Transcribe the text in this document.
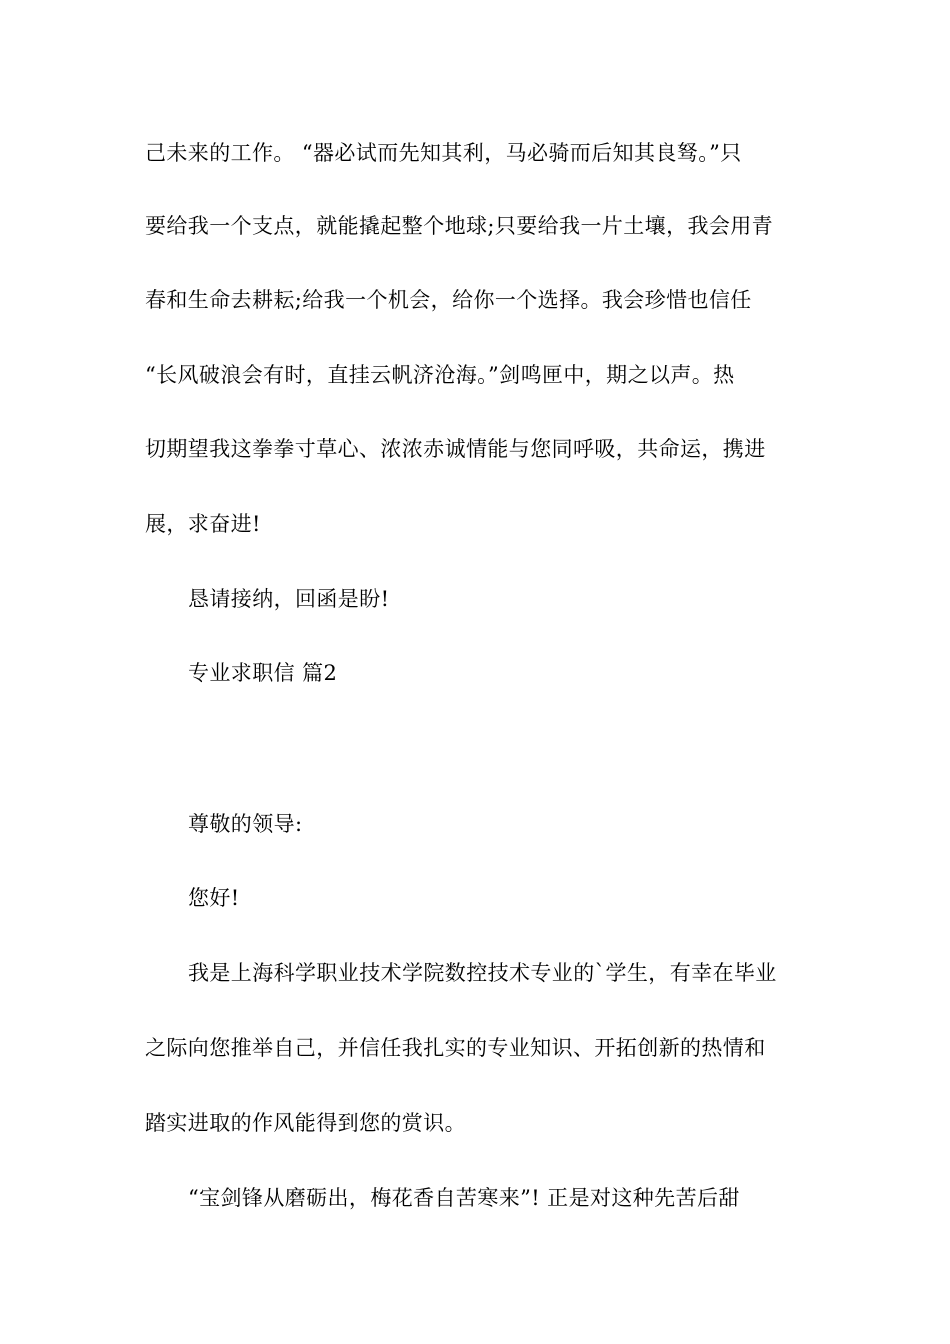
己未来的工作。 “器必试而先知其利，马必骑而后知其良驽。”只
要给我一个支点，就能撬起整个地球;只要给我一片土壤，我会用青
春和生命去耕耘;给我一个机会，给你一个选择。我会珍惜也信任
“长风破浪会有时，直挂云帆济沧海。”剑鸣匣中，期之以声。热
切期望我这拳拳寸草心、浓浓赤诚情能与您同呼吸，共命运，携进
展，求奋进!
恳请接纳，回函是盼!
专业求职信 篇2
尊敬的领导:
您好!
我是上海科学职业技术学院数控技术专业的`学生，有幸在毕业
之际向您推举自己，并信任我扎实的专业知识、开拓创新的热情和
踏实进取的作风能得到您的赏识。
“宝剑锋从磨砺出，梅花香自苦寒来”! 正是对这种先苦后甜
